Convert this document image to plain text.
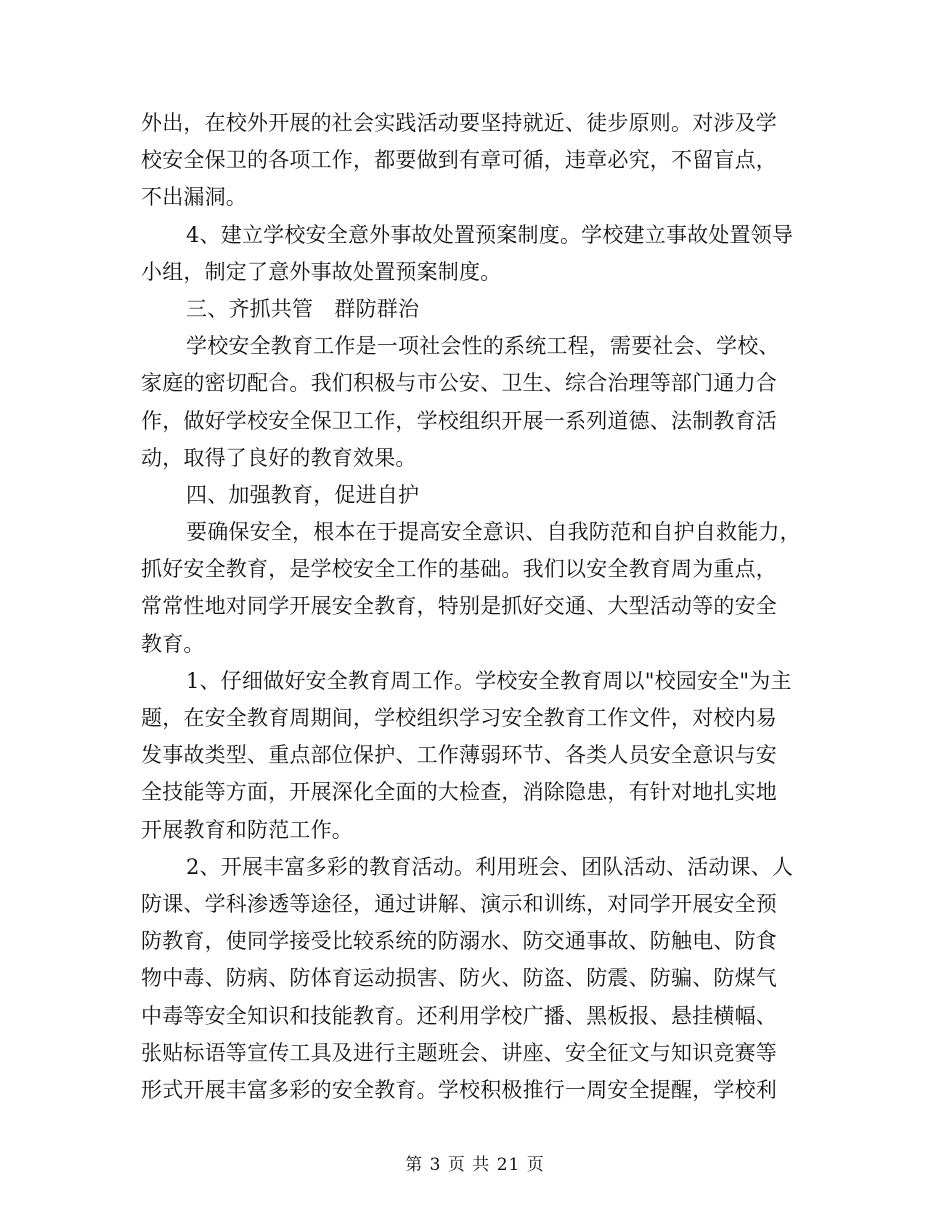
外出，在校外开展的社会实践活动要坚持就近、徒步原则。对涉及学
校安全保卫的各项工作，都要做到有章可循，违章必究，不留盲点，
不出漏洞。
4、建立学校安全意外事故处置预案制度。学校建立事故处置领导
小组，制定了意外事故处置预案制度。
三、齐抓共管　群防群治
学校安全教育工作是一项社会性的系统工程，需要社会、学校、
家庭的密切配合。我们积极与市公安、卫生、综合治理等部门通力合
作，做好学校安全保卫工作，学校组织开展一系列道德、法制教育活
动，取得了良好的教育效果。
四、加强教育，促进自护
要确保安全，根本在于提高安全意识、自我防范和自护自救能力，
抓好安全教育，是学校安全工作的基础。我们以安全教育周为重点，
常常性地对同学开展安全教育，特别是抓好交通、大型活动等的安全
教育。
1、仔细做好安全教育周工作。学校安全教育周以"校园安全"为主
题，在安全教育周期间，学校组织学习安全教育工作文件，对校内易
发事故类型、重点部位保护、工作薄弱环节、各类人员安全意识与安
全技能等方面，开展深化全面的大检查，消除隐患，有针对地扎实地
开展教育和防范工作。
2、开展丰富多彩的教育活动。利用班会、团队活动、活动课、人
防课、学科渗透等途径，通过讲解、演示和训练，对同学开展安全预
防教育，使同学接受比较系统的防溺水、防交通事故、防触电、防食
物中毒、防病、防体育运动损害、防火、防盗、防震、防骗、防煤气
中毒等安全知识和技能教育。还利用学校广播、黑板报、悬挂横幅、
张贴标语等宣传工具及进行主题班会、讲座、安全征文与知识竞赛等
形式开展丰富多彩的安全教育。学校积极推行一周安全提醒，学校利
第 3 页 共 21 页
